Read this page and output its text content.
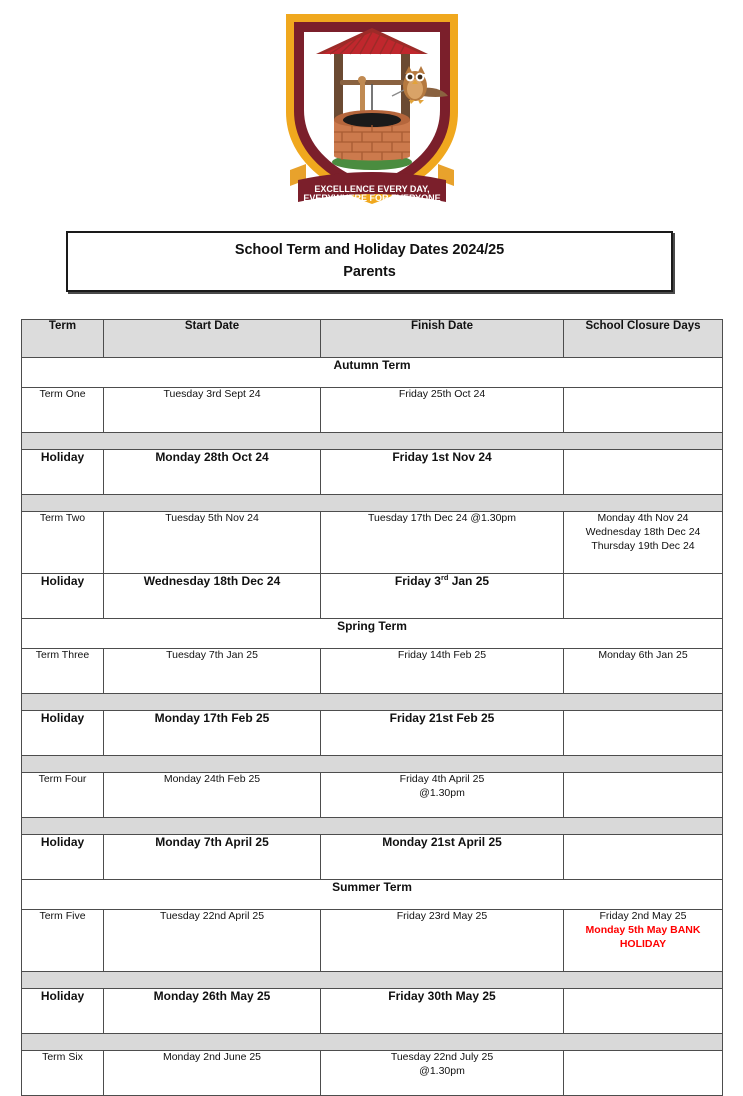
EXCELLENCE EVERY DAY,
EVERYWHERE FOR EVERYONE
School Term and Holiday Dates 2024/25
Parents
Term	Start Date	Finish Date	School Closure Days
Autumn Term			
Term One	Tuesday 3rd Sept 24	Friday 25th Oct 24	

Holiday	Monday 28th Oct 24	Friday 1st Nov 24	

Term Two	Tuesday 5th Nov 24	Tuesday 17th Dec 24 @1.30pm	Monday 4th Nov 24
Wednesday 18th Dec 24
Thursday 19th Dec 24

Holiday	Wednesday 18th Dec 24	Friday 3rd Jan 25	
Spring Term			
Term Three	Tuesday 7th Jan 25	Friday 14th Feb 25	Monday 6th Jan 25

Holiday	Monday 17th Feb 25	Friday 21st Feb 25	

Term Four	Monday 24th Feb 25	Friday 4th April 25
@1.30pm	

Holiday	Monday 7th April 25	Monday 21st April 25	
Summer Term			
Term Five	Tuesday 22nd April 25	Friday 23rd May 25	Friday 2nd May 25
Monday 5th May BANK
HOLIDAY

Holiday	Monday 26th May 25	Friday 30th May 25	

Term Six	Monday 2nd June 25	Tuesday 22nd July 25
@1.30pm	
